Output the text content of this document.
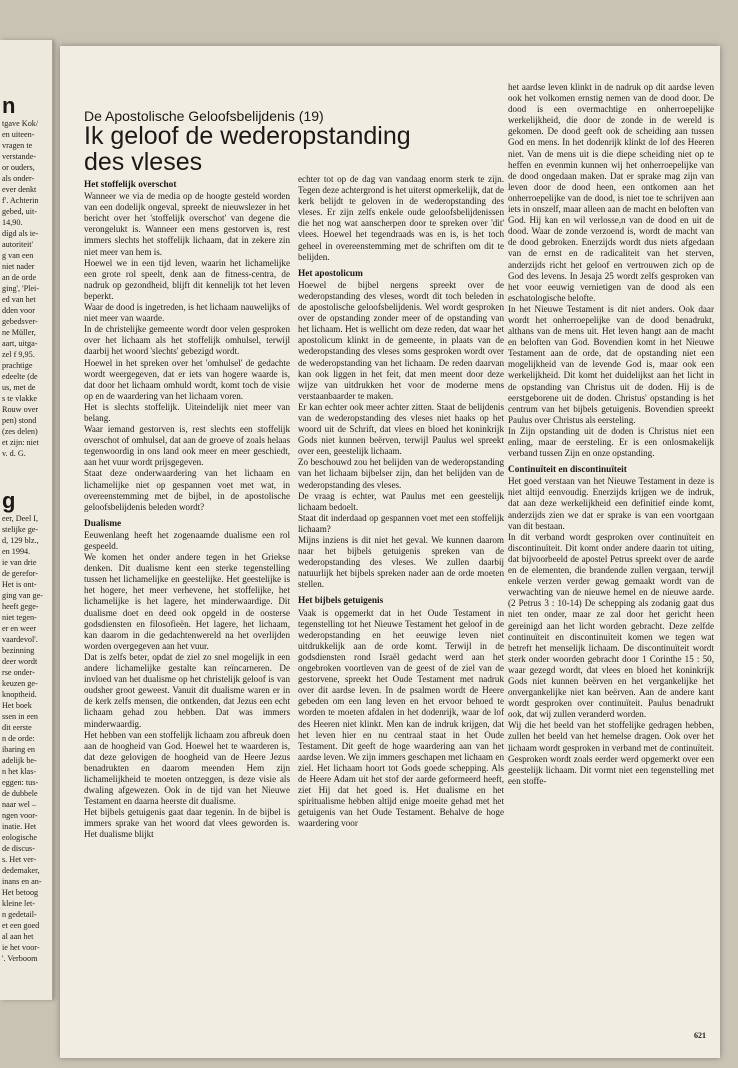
n
tgave Kok/
en uiteen-
vragen te
verstande-
or ouders,
als onder-
ever denkt
f'. Achterin
gebed, uit-
14,90.
dígd als ie-
autoriteit'
g van een
niet nader
an de orde
ging', 'Plei-
ed van het
dden voor
gebedsver-
ne Müller,
aart, uitga-
zel f 9,95.
prachtige
edeelte (de
us, met de
s te vlakke
Rouw over
pen) stond
(zes delen)
et zijn: niet
v. d. G.
g
eer, Deel I,
stelijke ge-
d, 129 blz.,
en 1994.
ie van drie
de gerefor-
Het is ont-
ging van ge-
heeft gege-
niet tegen-
er en weer
vaardevol'.
bezinning
deer wordt
rse onder-
keuzen ge-
knoptheid.
Het boek
ssen in een
dit eerste
n de orde:
ibaring en
adelijk be-
n het klas-
eggen: tus-
de dubbele
naar wel –
ngen voor-
inatie. Het
eologische
de discus-
s. Het ver-
dedemaker,
inans en an-
Het betoog
kleine let-
n gedetail-
et een goed
al aan het
ie het voor-
'. Verboom
De Apostolische Geloofsbelijdenis (19)
Ik geloof de wederopstanding des vleses
Het stoffelijk overschot

Wanneer we via de media op de hoogte gesteld worden van een dodelijk ongeval, spreekt de nieuwslezer in het bericht over het 'stoffelijk overschot' van degene die verongelukt is. Wanneer een mens gestorven is, rest immers slechts het stoffelijk lichaam, dat in zekere zin niet meer van hem is.

Hoewel we in een tijd leven, waarin het lichamelijke een grote rol speelt, denk aan de fitness-centra, de nadruk op gezondheid, blijft dit kennelijk tot het leven beperkt.

Waar de dood is ingetreden, is het lichaam nauwelijks of niet meer van waarde.

In de christelijke gemeente wordt door velen gesproken over het lichaam als het stoffelijk omhulsel, terwijl daarbij het woord 'slechts' gebezigd wordt.

Hoewel in het spreken over het 'omhulsel' de gedachte wordt weergegeven, dat er iets van hogere waarde is, dat door het lichaam omhuld wordt, komt toch de visie op en de waardering van het lichaam voren.

Het is slechts stoffelijk. Uiteindelijk niet meer van belang.

Waar iemand gestorven is, rest slechts een stoffelijk overschot of omhulsel, dat aan de groeve of zoals helaas tegenwoordig in ons land ook meer en meer geschiedt, aan het vuur wordt prijsgegeven.

Staat deze onderwaardering van het lichaam en lichamelijke niet op gespannen voet met wat, in overeenstemming met de bijbel, in de apostolische geloofsbelijdenis beleden wordt?

Dualisme

Eeuwenlang heeft het zogenaamde dualisme een rol gespeeld.

We komen het onder andere tegen in het Griekse denken. Dit dualisme kent een sterke tegenstelling tussen het lichamelijke en geestelijke. Het geestelijke is het hogere, het meer verhevene, het stoffelijke, het lichamelijke is het lagere, het minderwaardige. Dit dualisme doet en deed ook opgeld in de oosterse godsdiensten en filosofieën. Het lagere, het lichaam, kan daarom in die gedachtenwereld na het overlijden worden overgegeven aan het vuur.

Dat is zelfs beter, opdat de ziel zo snel mogelijk in een andere lichamelijke gestalte kan reïncarneren. De invloed van het dualisme op het christelijk geloof is van oudsher groot geweest. Vanuit dit dualisme waren er in de kerk zelfs mensen, die ontkenden, dat Jezus een echt lichaam gehad zou hebben. Dat was immers minderwaardig.

Het hebben van een stoffelijk lichaam zou afbreuk doen aan de hoogheid van God. Hoewel het te waarderen is, dat deze gelovigen de hoogheid van de Heere Jezus benadrukten en daarom meenden Hem zijn lichamelijkheid te moeten ontzeggen, is deze visie als dwaling afgewezen. Ook in de tijd van het Nieuwe Testament en daarna heerste dit dualisme.

Het bijbels getuigenis gaat daar tegenin. In de bijbel is immers sprake van het woord dat vlees geworden is. Het dualisme blijkt

echter tot op de dag van vandaag enorm sterk te zijn. Tegen deze achtergrond is het uiterst opmerkelijk, dat de kerk belijdt te geloven in de wederopstanding des vleses. Er zijn zelfs enkele oude geloofsbelijdenissen die het nog wat aanscherpen door te spreken over 'dit' vlees. Hoewel het tegendraads was en is, is het toch geheel in overeenstemming met de schriften om dit te belijden.

Het apostolicum

Hoewel de bijbel nergens spreekt over de wederopstanding des vleses, wordt dit toch beleden in de apostolische geloofsbelijdenis. Wel wordt gesproken over de opstanding zonder meer of de opstanding van het lichaam. Het is wellicht om deze reden, dat waar het apostolicum klinkt in de gemeente, in plaats van de wederopstanding des vleses soms gesproken wordt over de wederopstanding van het lichaam. De reden daarvan kan ook liggen in het feit, dat men meent door deze wijze van uitdrukken het voor de moderne mens verstaanbaarder te maken.

Er kan echter ook meer achter zitten. Staat de belijdenis van de wederopstanding des vleses niet haaks op het woord uit de Schrift, dat vlees en bloed het koninkrijk Gods niet kunnen beërven, terwijl Paulus wel spreekt over een, geestelijk lichaam.

Zo beschouwd zou het belijden van de wederopstanding van het lichaam bijbelser zijn, dan het belijden van de wederopstanding des vleses.

De vraag is echter, wat Paulus met een geestelijk lichaam bedoelt.

Staat dit inderdaad op gespannen voet met een stoffelijk lichaam?

Mijns inziens is dit niet het geval. We kunnen daarom naar het bijbels getuigenis spreken van de wederopstanding des vleses. We zullen daarbij natuurlijk het bijbels spreken nader aan de orde moeten stellen.

Het bijbels getuigenis

Vaak is opgemerkt dat in het Oude Testament in tegenstelling tot het Nieuwe Testament het geloof in de wederopstanding en het eeuwige leven niet uitdrukkelijk aan de orde komt. Terwijl in de godsdiensten rond Israël gedacht werd aan het ongebroken voortleven van de geest of de ziel van de gestorvene, spreekt het Oude Testament met nadruk over dit aardse leven. In de psalmen wordt de Heere gebeden om een lang leven en het ervoor behoed te worden te moeten afdalen in het dodenrijk, waar de lof des Heeren niet klinkt. Men kan de indruk krijgen, dat het leven hier en nu centraal staat in het Oude Testament. Dit geeft de hoge waardering aan van het aardse leven. We zijn immers geschapen met lichaam en ziel. Het lichaam hoort tot Gods goede schepping. Als de Heere Adam uit het stof der aarde geformeerd heeft, ziet Hij dat het goed is. Het dualisme en het spiritualisme hebben altijd enige moeite gehad met het getuigenis van het Oude Testament. Behalve de hoge waardering voor

het aardse leven klinkt in de nadruk op dit aardse leven ook het volkomen ernstig nemen van de dood door. De dood is een overmachtige en onherroepelijke werkelijkheid, die door de zonde in de wereld is gekomen. De dood geeft ook de scheiding aan tussen God en mens. In het dodenrijk klinkt de lof des Heeren niet. Van de mens uit is die diepe scheiding niet op te heffen en evenmin kunnen wij het onherroepelijke van de dood ongedaan maken. Dat er sprake mag zijn van leven door de dood heen, een ontkomen aan het onherroepelijke van de dood, is niet toe te schrijven aan iets in onszelf, maar alleen aan de macht en beloften van God. Hij kan en wil verlosse,n van de dood en uit de dood. Waar de zonde verzoend is, wordt de macht van de dood gebroken. Enerzijds wordt dus niets afgedaan van de ernst en de radicaliteit van het sterven, anderzijds richt het geloof en vertrouwen zich op de God des levens. In Jesaja 25 wordt zelfs gesproken van het voor eeuwig vernietigen van de dood als een eschatologische belofte.

In het Nieuwe Testament is dit niet anders. Ook daar wordt het onherroepelijke van de dood benadrukt, althans van de mens uit. Het leven hangt aan de macht en beloften van God. Bovendien komt in het Nieuwe Testament aan de orde, dat de opstanding niet een mogelijkheid van de levende God is, maar ook een werkelijkheid. Dit komt het duidelijkst aan het licht in de opstanding van Christus uit de doden. Hij is de eerstgeborene uit de doden. Christus' opstanding is het centrum van het bijbels getuigenis. Bovendien spreekt Paulus over Christus als eersteling.

In Zijn opstanding uit de doden is Christus niet een enling, maar de eersteling. Er is een onlosmakelijk verband tussen Zijn en onze opstanding.

Continuïteit en discontinuïteit

Het goed verstaan van het Nieuwe Testament in deze is niet altijd eenvoudig. Enerzijds krijgen we de indruk, dat aan deze werkelijkheid een definitief einde komt, anderzijds zien we dat er sprake is van een voortgaan van dit bestaan.

In dit verband wordt gesproken over continuïteit en discontinuïteit. Dit komt onder andere daarin tot uiting, dat bijvoorbeeld de apostel Petrus spreekt over de aarde en de elementen, die brandende zullen vergaan, terwijl enkele verzen verder gewag gemaakt wordt van de verwachting van de nieuwe hemel en de nieuwe aarde. (2 Petrus 3 : 10-14) De schepping als zodanig gaat dus niet ten onder, maar ze zal door het gericht heen gereinigd aan het licht worden gebracht. Deze zelfde continuïteit en discontinuïteit komen we tegen wat betreft het menselijk lichaam. De discontinuïteit wordt sterk onder woorden gebracht door 1 Corinthe 15 : 50, waar gezegd wordt, dat vlees en bloed het koninkrijk Gods niet kunnen beërven en het vergankelijke het onvergankelijke niet kan beërven. Aan de andere kant wordt gesproken over continuïteit. Paulus benadrukt ook, dat wij zullen veranderd worden.

Wij die het beeld van het stoffelijke gedragen hebben, zullen het beeld van het hemelse dragen. Ook over het lichaam wordt gesproken in verband met de continuïteit. Gesproken wordt zoals eerder werd opgemerkt over een geestelijk lichaam. Dit vormt niet een tegenstelling met een stoffe-

621
